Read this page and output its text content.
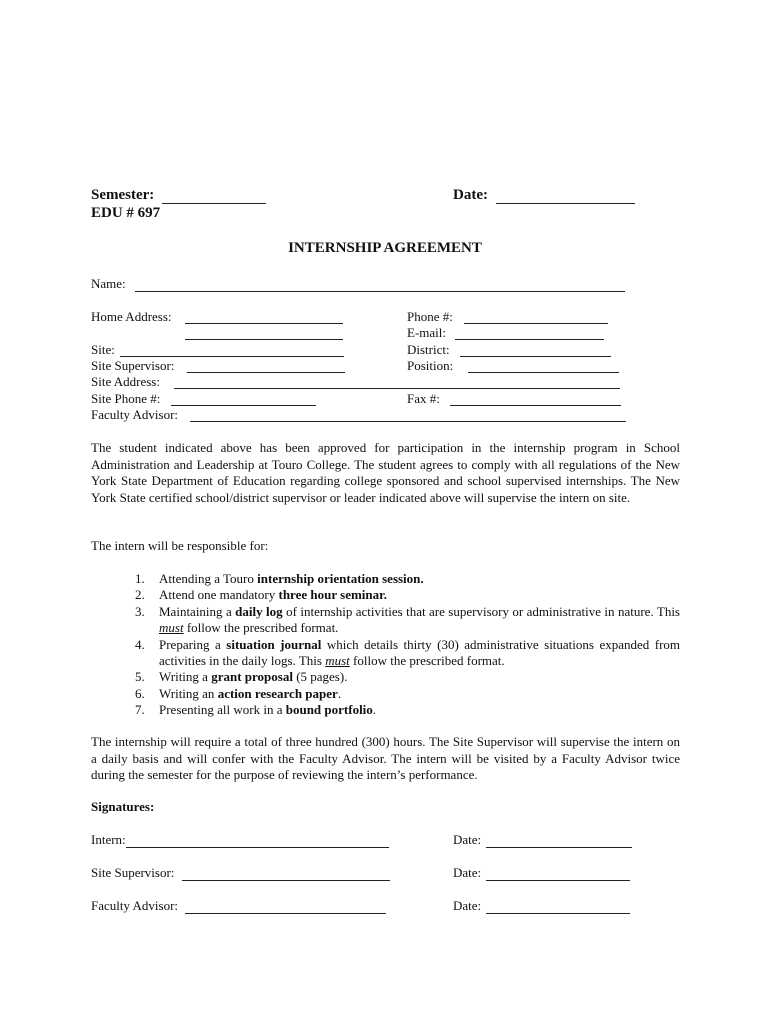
Semester:	Date:
EDU # 697
INTERNSHIP AGREEMENT
Name:
Home Address:	Phone #:
E-mail:
Site:	District:
Site Supervisor:	Position:
Site Address:
Site Phone #:	Fax #:
Faculty Advisor:
The student indicated above has been approved for participation in the internship program in School Administration and Leadership at Touro College. The student agrees to comply with all regulations of the New York State Department of Education regarding college sponsored and school supervised internships. The New York State certified school/district supervisor or leader indicated above will supervise the intern on site.
The intern will be responsible for:
1. Attending a Touro internship orientation session.
2. Attend one mandatory three hour seminar.
3. Maintaining a daily log of internship activities that are supervisory or administrative in nature. This must follow the prescribed format.
4. Preparing a situation journal which details thirty (30) administrative situations expanded from activities in the daily logs. This must follow the prescribed format.
5. Writing a grant proposal (5 pages).
6. Writing an action research paper.
7. Presenting all work in a bound portfolio.
The internship will require a total of three hundred (300) hours. The Site Supervisor will supervise the intern on a daily basis and will confer with the Faculty Advisor. The intern will be visited by a Faculty Advisor twice during the semester for the purpose of reviewing the intern’s performance.
Signatures:
Intern:	Date:
Site Supervisor:	Date:
Faculty Advisor:	Date:
